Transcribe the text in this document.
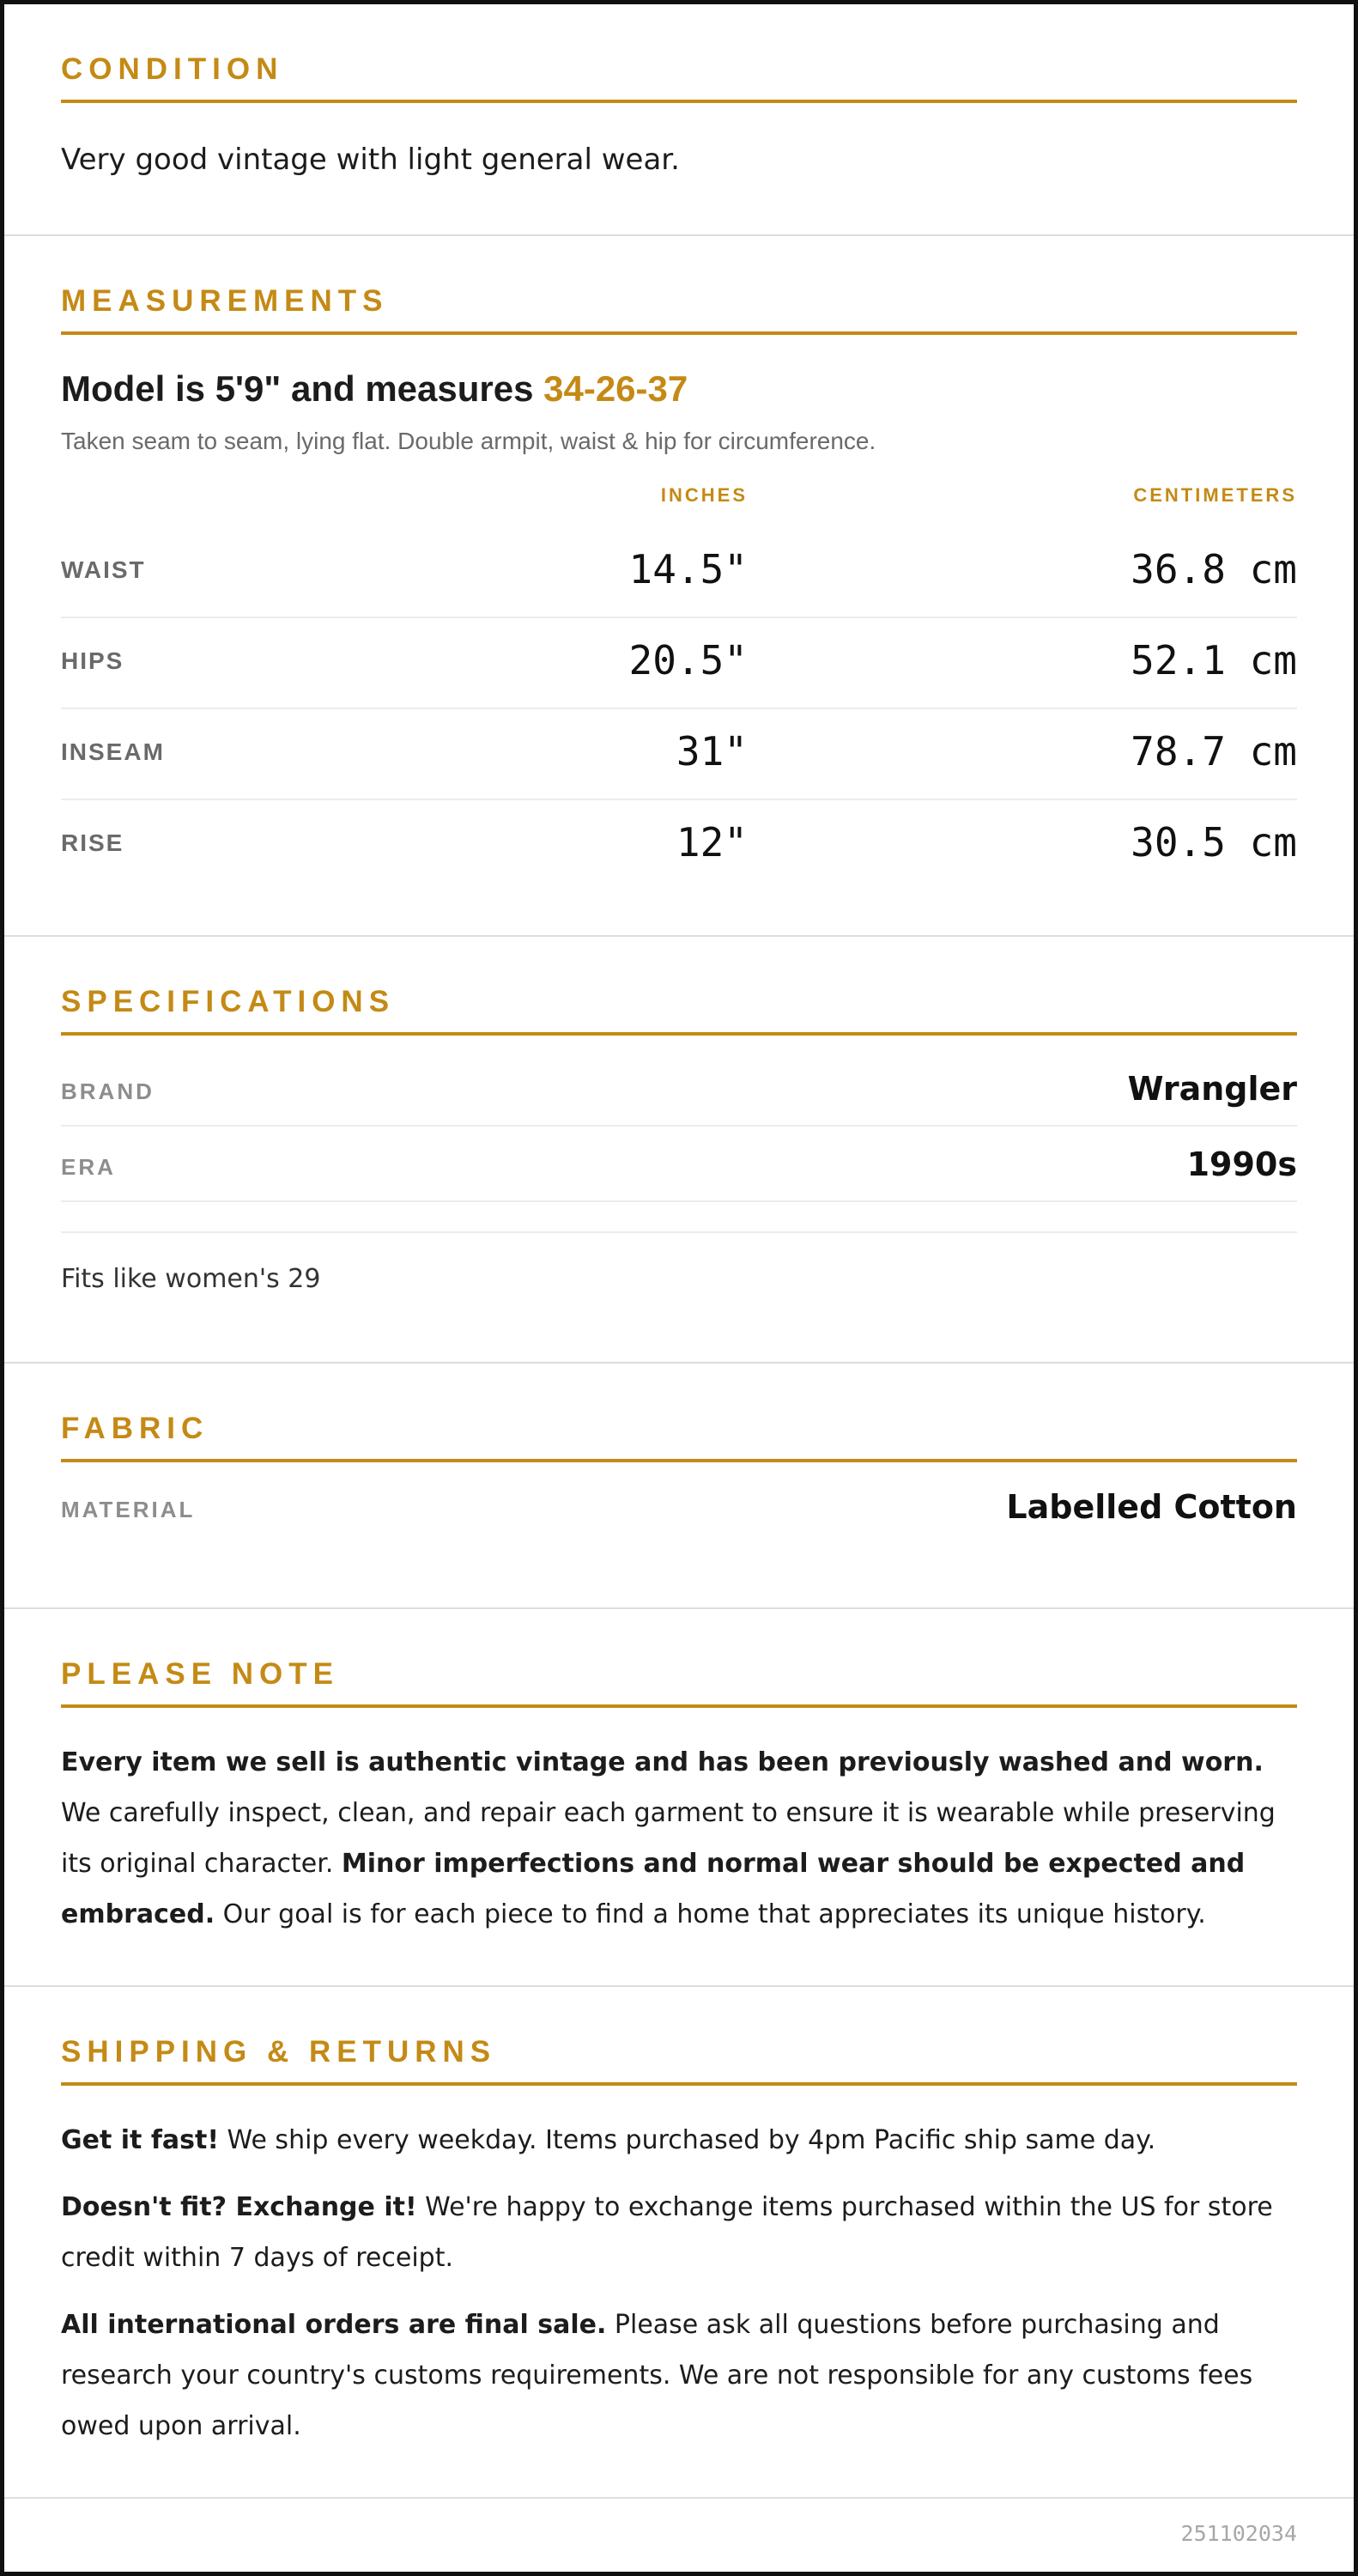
CONDITION
Very good vintage with light general wear.
MEASUREMENTS
Model is 5'9" and measures 34-26-37
Taken seam to seam, lying flat. Double armpit, waist & hip for circumference.
INCHES	CENTIMETERS
WAIST	14.5"	36.8 cm
HIPS	20.5"	52.1 cm
INSEAM	31"	78.7 cm
RISE	12"	30.5 cm
SPECIFICATIONS
BRAND	Wrangler
ERA	1990s
Fits like women's 29
FABRIC
MATERIAL	Labelled Cotton
PLEASE NOTE

Every item we sell is authentic vintage and has been previously washed and worn. We carefully inspect, clean, and repair each garment to ensure it is wearable while preserving its original character. Minor imperfections and normal wear should be expected and embraced. Our goal is for each piece to find a home that appreciates its unique history.

SHIPPING & RETURNS

Get it fast! We ship every weekday. Items purchased by 4pm Pacific ship same day.

Doesn't fit? Exchange it! We're happy to exchange items purchased within the US for store credit within 7 days of receipt.

All international orders are final sale. Please ask all questions before purchasing and research your country's customs requirements. We are not responsible for any customs fees owed upon arrival.

251102034
